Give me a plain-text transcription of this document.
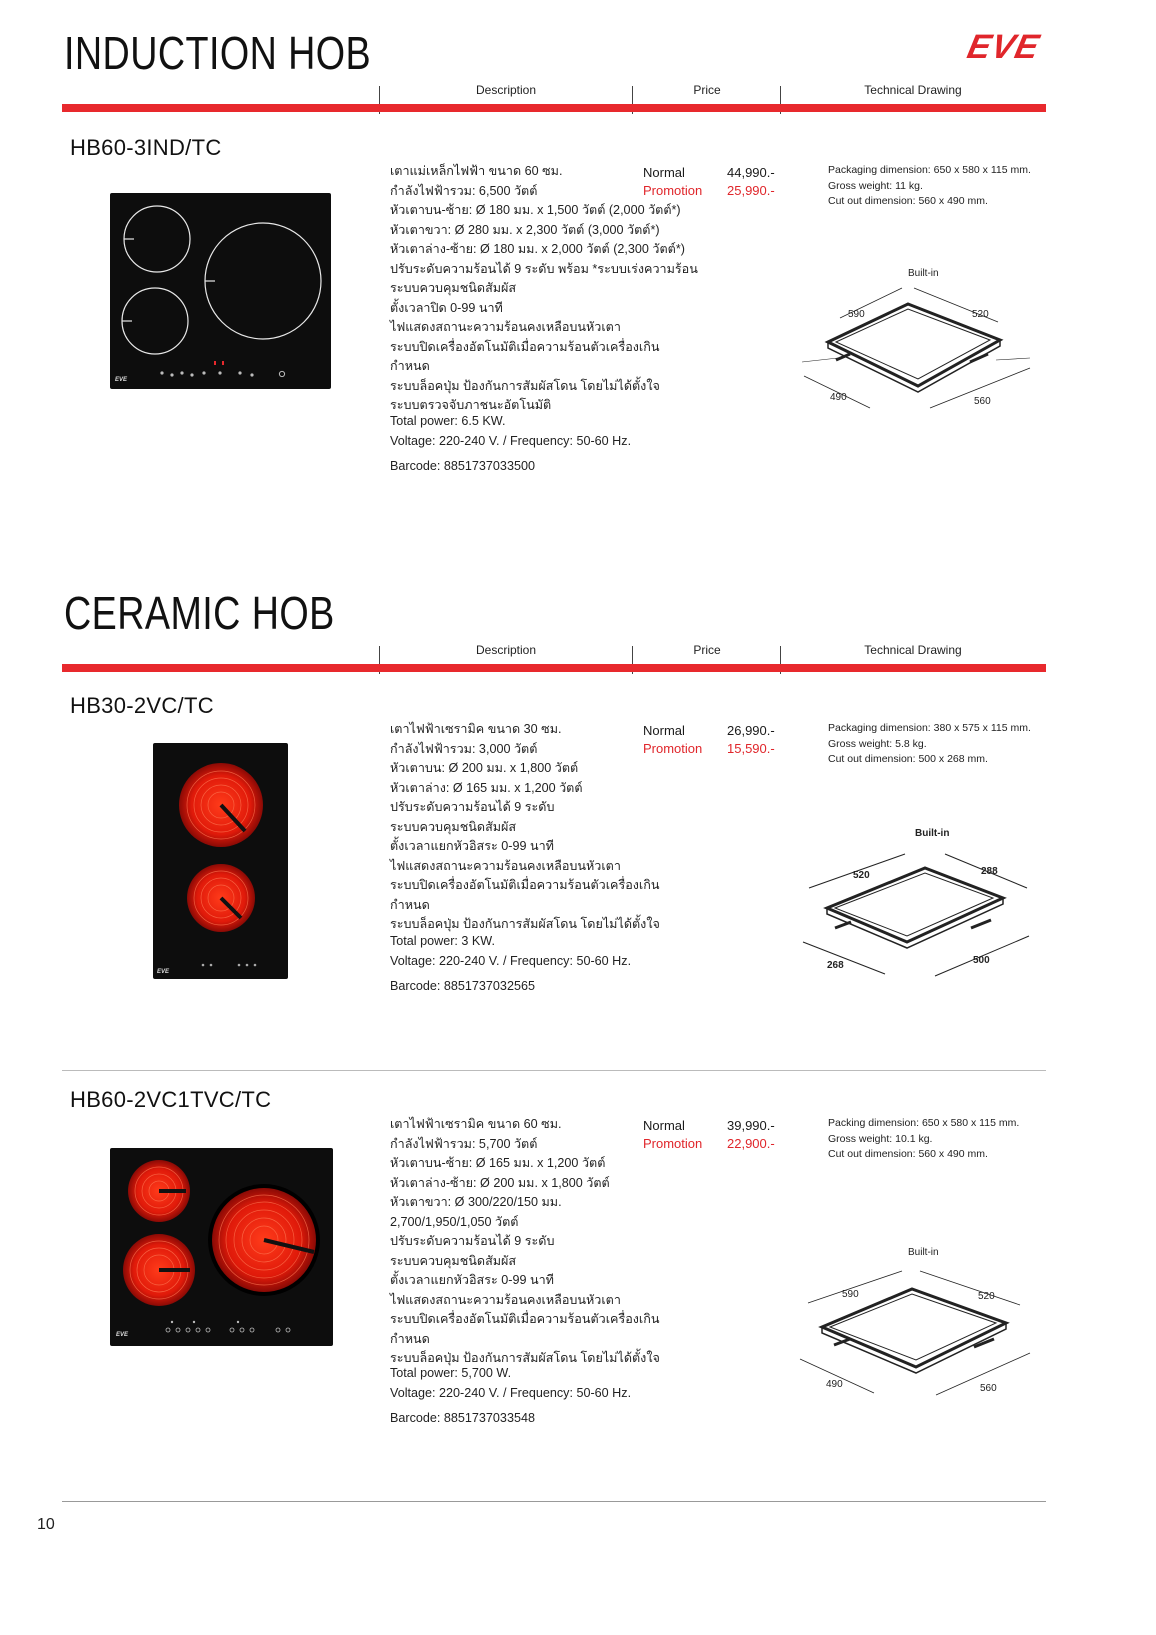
INDUCTION HOB	EVE
Description	Price	Technical Drawing
HB60-3IND/TC
EVE
เตาแม่เหล็กไฟฟ้า ขนาด 60 ซม.
กำลังไฟฟ้ารวม: 6,500 วัตต์
หัวเตาบน-ซ้าย: Ø 180 มม. x 1,500 วัตต์ (2,000 วัตต์*)
หัวเตาขวา: Ø 280 มม. x 2,300 วัตต์ (3,000 วัตต์*)
หัวเตาล่าง-ซ้าย: Ø 180 มม. x 2,000 วัตต์ (2,300 วัตต์*)
ปรับระดับความร้อนได้ 9 ระดับ พร้อม *ระบบเร่งความร้อน
ระบบควบคุมชนิดสัมผัส
ตั้งเวลาปิด 0-99 นาที
ไฟแสดงสถานะความร้อนคงเหลือบนหัวเตา
ระบบปิดเครื่องอัตโนมัติเมื่อความร้อนตัวเครื่องเกิน
กำหนด
ระบบล็อคปุ่ม ป้องกันการสัมผัสโดน โดยไม่ได้ตั้งใจ
ระบบตรวจจับภาชนะอัตโนมัติ
Total power: 6.5 KW.
Voltage: 220-240 V. / Frequency: 50-60 Hz.
Barcode: 8851737033500
Normal	44,990.-
Promotion 25,990.-
Packaging dimension: 650 x 580 x 115 mm.
Gross weight: 11 kg.
Cut out dimension: 560 x 490 mm.
Built-in
590	520
490	560
CERAMIC HOB
Description	Price	Technical Drawing
HB30-2VC/TC
EVE
เตาไฟฟ้าเซรามิค ขนาด 30 ซม.
กำลังไฟฟ้ารวม: 3,000 วัตต์
หัวเตาบน: Ø 200 มม. x 1,800 วัตต์
หัวเตาล่าง: Ø 165 มม. x 1,200 วัตต์
ปรับระดับความร้อนได้ 9 ระดับ
ระบบควบคุมชนิดสัมผัส
ตั้งเวลาแยกหัวอิสระ 0-99 นาที
ไฟแสดงสถานะความร้อนคงเหลือบนหัวเตา
ระบบปิดเครื่องอัตโนมัติเมื่อความร้อนตัวเครื่องเกิน
กำหนด
ระบบล็อคปุ่ม ป้องกันการสัมผัสโดน โดยไม่ได้ตั้งใจ
Total power: 3 KW.
Voltage: 220-240 V. / Frequency: 50-60 Hz.
Barcode: 8851737032565
Normal	26,990.-
Promotion 15,590.-
Packaging dimension: 380 x 575 x 115 mm.
Gross weight: 5.8 kg.
Cut out dimension: 500 x 268 mm.
Built-in
520	288
268	500
HB60-2VC1TVC/TC
EVE
เตาไฟฟ้าเซรามิค ขนาด 60 ซม.
กำลังไฟฟ้ารวม: 5,700 วัตต์
หัวเตาบน-ซ้าย: Ø 165 มม. x 1,200 วัตต์
หัวเตาล่าง-ซ้าย: Ø 200 มม. x 1,800 วัตต์
หัวเตาขวา: Ø 300/220/150 มม.
2,700/1,950/1,050 วัตต์
ปรับระดับความร้อนได้ 9 ระดับ
ระบบควบคุมชนิดสัมผัส
ตั้งเวลาแยกหัวอิสระ 0-99 นาที
ไฟแสดงสถานะความร้อนคงเหลือบนหัวเตา
ระบบปิดเครื่องอัตโนมัติเมื่อความร้อนตัวเครื่องเกิน
กำหนด
ระบบล็อคปุ่ม ป้องกันการสัมผัสโดน โดยไม่ได้ตั้งใจ
Total power: 5,700 W.
Voltage: 220-240 V. / Frequency: 50-60 Hz.
Barcode: 8851737033548
Normal	39,990.-
Promotion 22,900.-
Packing dimension: 650 x 580 x 115 mm.
Gross weight: 10.1 kg.
Cut out dimension: 560 x 490 mm.
Built-in
590	520
490	560
10
